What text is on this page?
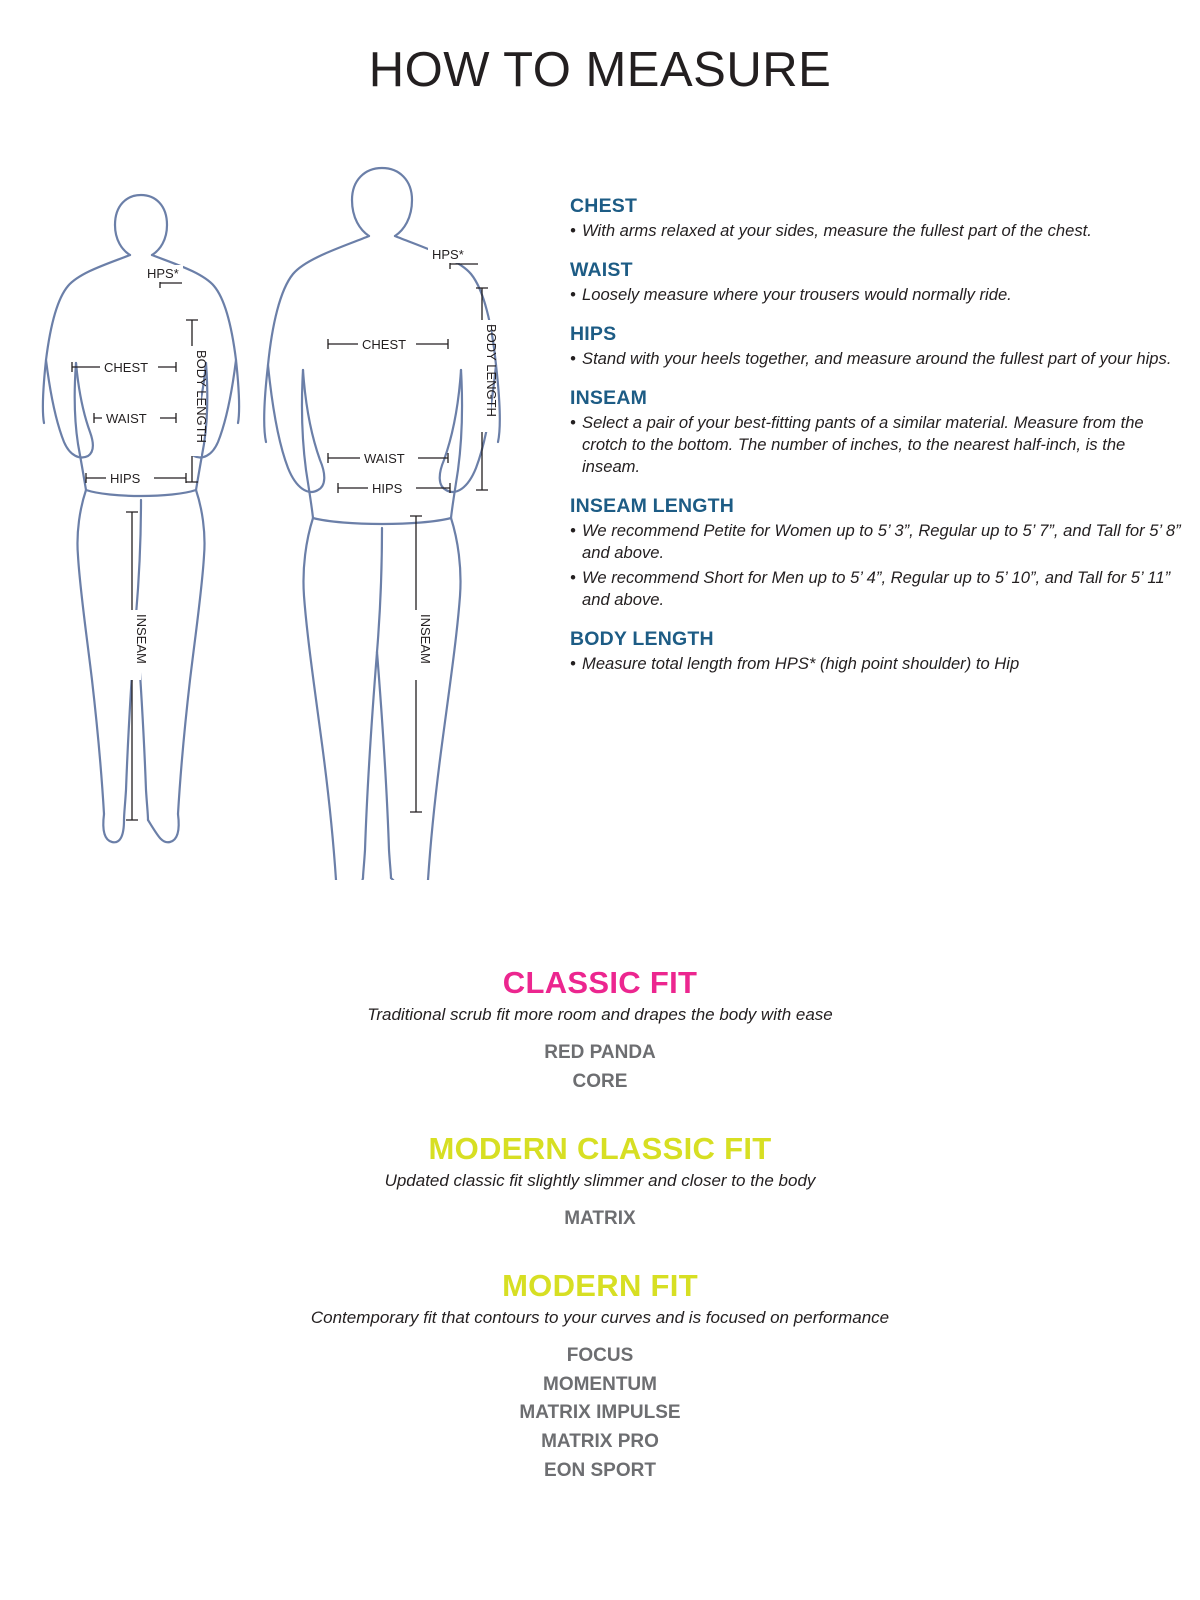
HOW TO MEASURE
HPS*
CHEST
WAIST
HIPS
BODY LENGTH
INSEAM
HPS*
CHEST
WAIST
HIPS
BODY LENGTH
INSEAM
CHEST
• With arms relaxed at your sides, measure the fullest part of the chest.
WAIST
• Loosely measure where your trousers would normally ride.
HIPS
• Stand with your heels together, and measure around the fullest part of your hips.
INSEAM
• Select a pair of your best-fitting pants of a similar material. Measure from the crotch to the bottom. The number of inches, to the nearest half-inch, is the inseam.
INSEAM LENGTH
• We recommend Petite for Women up to 5’ 3”, Regular up to 5’ 7”, and Tall for 5’ 8” and above.
• We recommend Short for Men up to 5’ 4”, Regular up to 5’ 10”, and Tall for 5’ 11” and above.
BODY LENGTH
• Measure total length from HPS* (high point shoulder) to Hip
CLASSIC FIT
Traditional scrub fit more room and drapes the body with ease
RED PANDA
CORE
MODERN CLASSIC FIT
Updated classic fit slightly slimmer and closer to the body
MATRIX
MODERN FIT
Contemporary fit that contours to your curves and is focused on performance
FOCUS
MOMENTUM
MATRIX IMPULSE
MATRIX PRO
EON SPORT
